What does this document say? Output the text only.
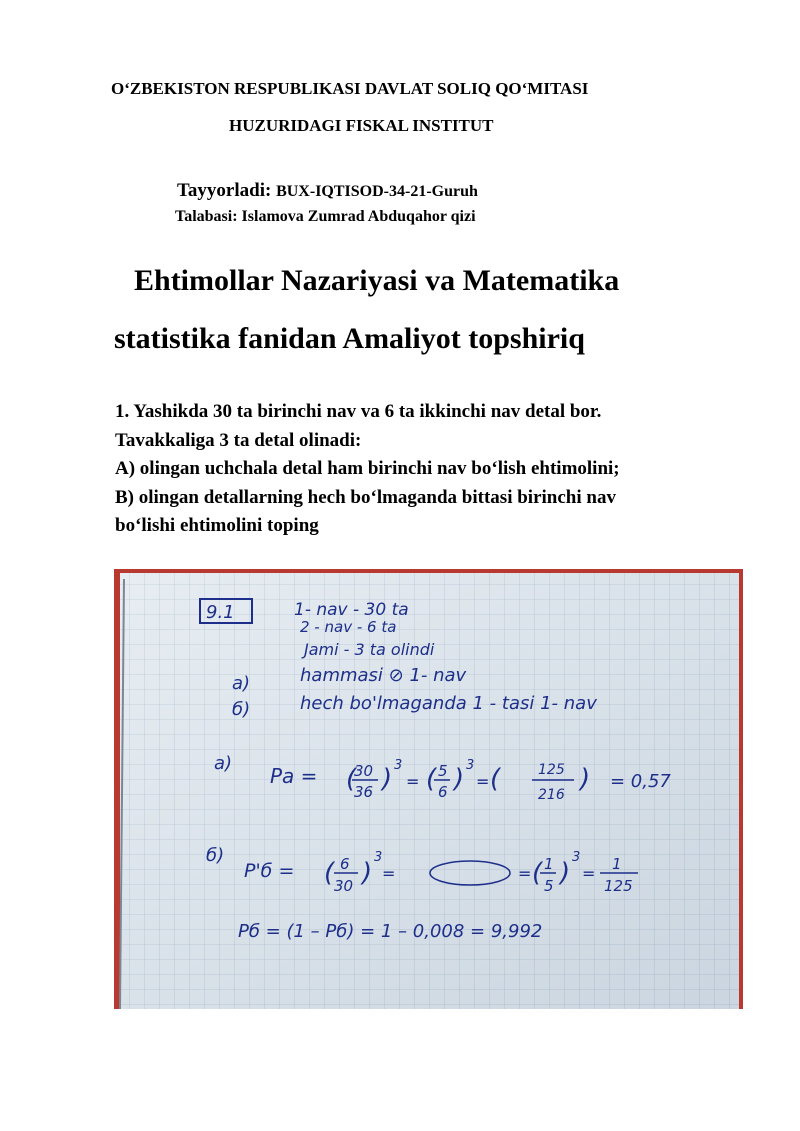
O‘ZBEKISTON RESPUBLIKASI DAVLAT SOLIQ QO‘MITASI
HUZURIDAGI FISKAL INSTITUT
Tayyorladi: BUX-IQTISOD-34-21-Guruh
Talabasi: Islamova Zumrad Abduqahor qizi
Ehtimollar Nazariyasi va Matematika
statistika fanidan Amaliyot topshiriq
1. Yashikda 30 ta birinchi nav va 6 ta ikkinchi nav detal bor.
Tavakkaliga 3 ta detal olinadi:
A) olingan uchchala detal ham birinchi nav bo‘lish ehtimolini;
B) olingan detallarning hech bo‘lmaganda bittasi birinchi nav
bo‘lishi ehtimolini toping
9.1	1- nav - 30 ta
2 - nav - 6 ta
Jami - 3 ta olindi
a)	hammasi ⊘ 1- nav
б)	hech bo'lmaganda 1 - tasi 1- nav
a)
Pa = (
30
36 ) 3
= ( 5
6 ) 3
= (	125
216
) = 0,57
б)
P'б = ( 6
30 )
3
=	= ( 1
5 )
3
= 1
125
Pб = (1 – Pб) = 1 – 0,008 = 9,992
